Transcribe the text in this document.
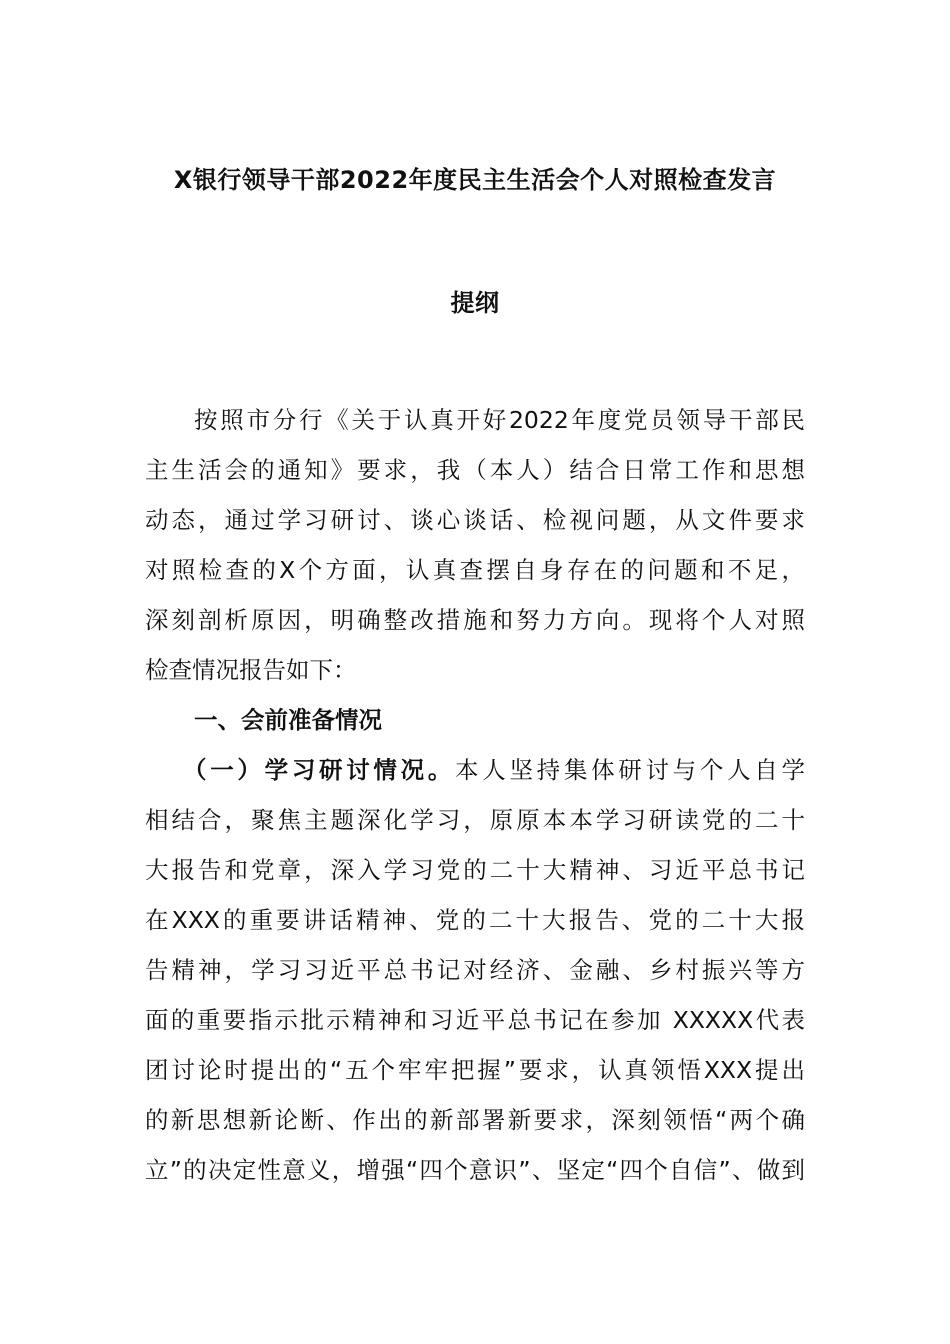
X银行领导干部2022年度民主生活会个人对照检查发言
提纲
按照市分行《关于认真开好2022年度党员领导干部民
主生活会的通知》要求，我（本人）结合日常工作和思想
动态，通过学习研讨、谈心谈话、检视问题，从文件要求
对照检查的X个方面，认真查摆自身存在的问题和不足，
深刻剖析原因，明确整改措施和努力方向。现将个人对照
检查情况报告如下：
一、会前准备情况
（一）学习研讨情况。本人坚持集体研讨与个人自学
相结合，聚焦主题深化学习，原原本本学习研读党的二十
大报告和党章，深入学习党的二十大精神、习近平总书记
在XXX的重要讲话精神、党的二十大报告、党的二十大报
告精神，学习习近平总书记对经济、金融、乡村振兴等方
面的重要指示批示精神和习近平总书记在参加 XXXXX代表
团讨论时提出的“五个牢牢把握”要求，认真领悟XXX提出
的新思想新论断、作出的新部署新要求，深刻领悟“两个确
立”的决定性意义，增强“四个意识”、坚定“四个自信”、做到
